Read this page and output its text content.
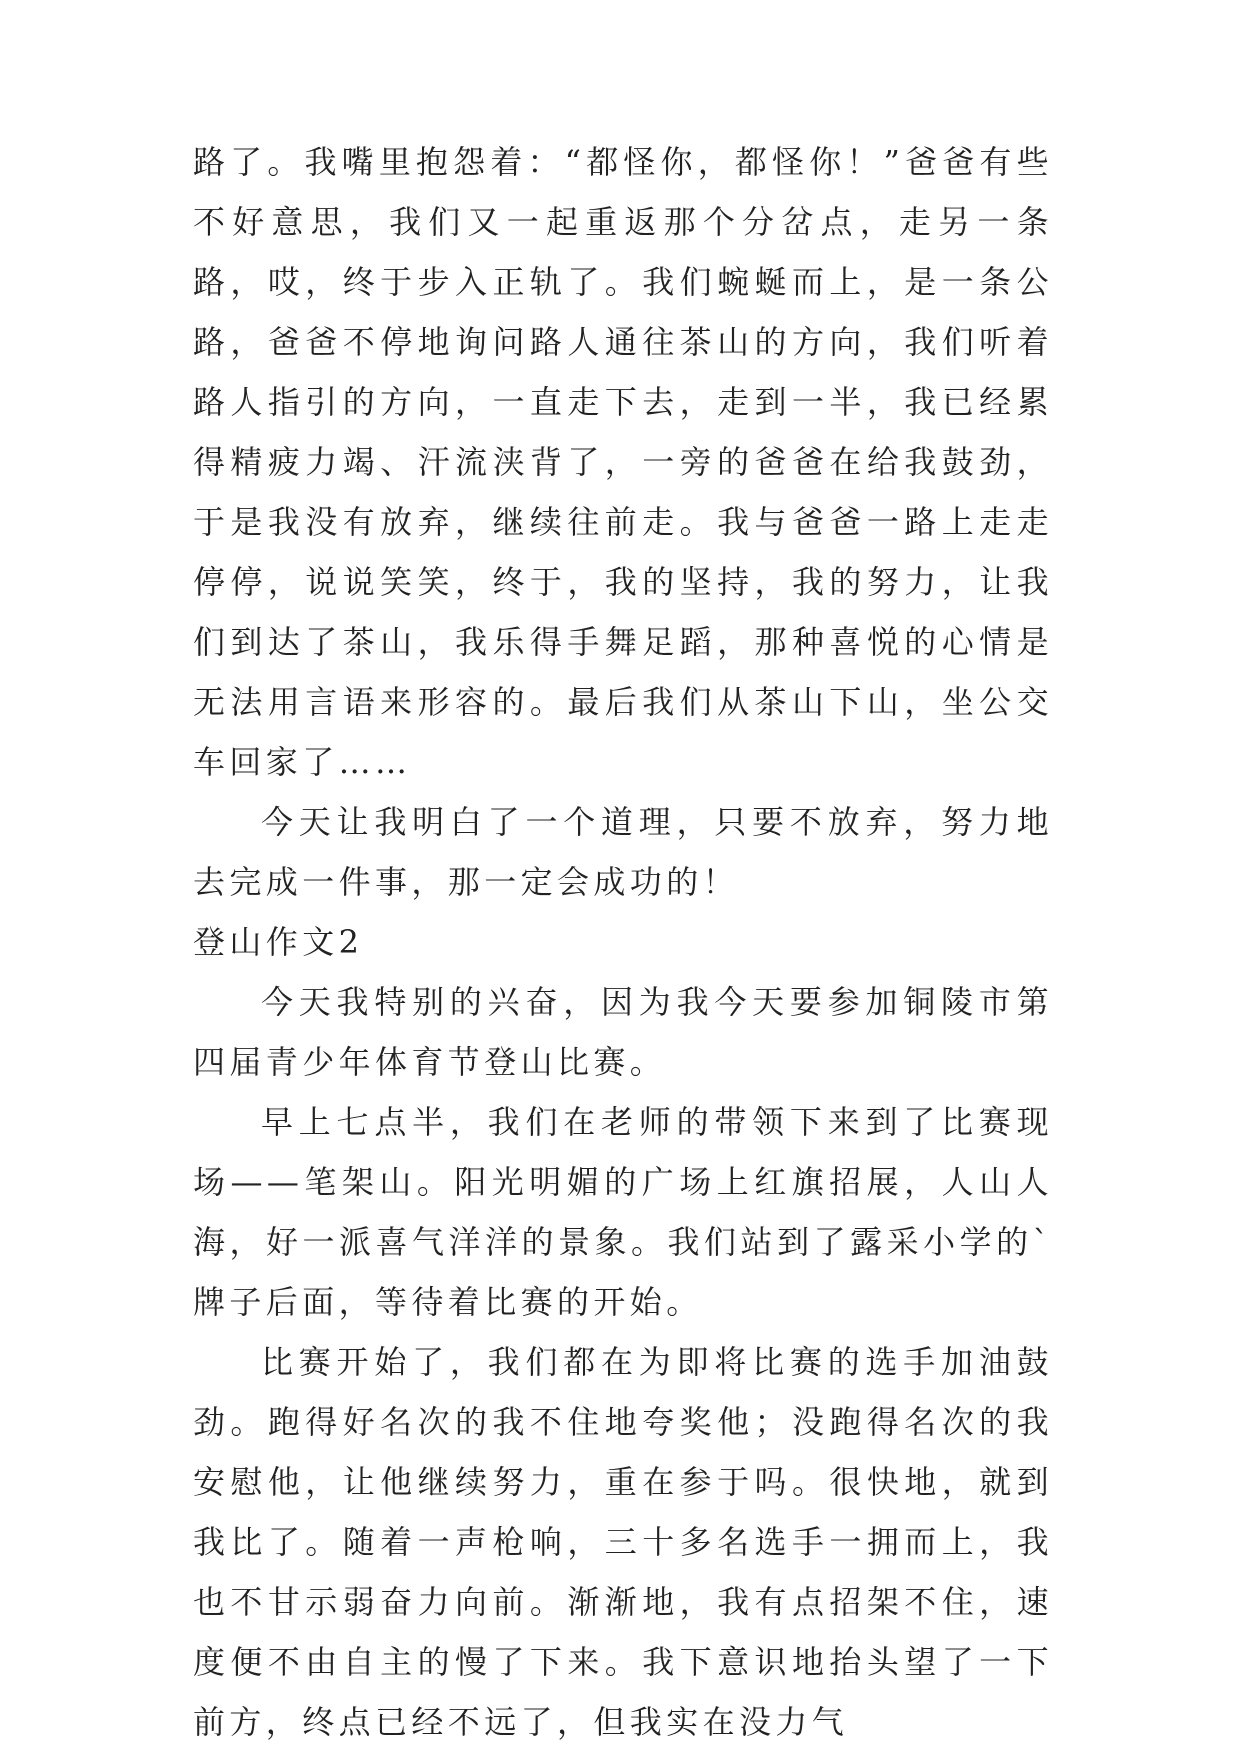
路了。我嘴里抱怨着：“都怪你，都怪你！”爸爸有些不好意思，我们又一起重返那个分岔点，走另一条路，哎，终于步入正轨了。我们蜿蜒而上，是一条公路，爸爸不停地询问路人通往茶山的方向，我们听着路人指引的方向，一直走下去，走到一半，我已经累得精疲力竭、汗流浃背了，一旁的爸爸在给我鼓劲，于是我没有放弃，继续往前走。我与爸爸一路上走走停停，说说笑笑，终于，我的坚持，我的努力，让我们到达了茶山，我乐得手舞足蹈，那种喜悦的心情是无法用言语来形容的。最后我们从茶山下山，坐公交车回家了……

今天让我明白了一个道理，只要不放弃，努力地去完成一件事，那一定会成功的！

登山作文2

今天我特别的兴奋，因为我今天要参加铜陵市第四届青少年体育节登山比赛。

早上七点半，我们在老师的带领下来到了比赛现场——笔架山。阳光明媚的广场上红旗招展，人山人海，好一派喜气洋洋的景象。我们站到了露采小学的`牌子后面，等待着比赛的开始。

比赛开始了，我们都在为即将比赛的选手加油鼓劲。跑得好名次的我不住地夸奖他；没跑得名次的我安慰他，让他继续努力，重在参于吗。很快地，就到我比了。随着一声枪响，三十多名选手一拥而上，我也不甘示弱奋力向前。渐渐地，我有点招架不住，速度便不由自主的慢了下来。我下意识地抬头望了一下前方，终点已经不远了，但我实在没力气
